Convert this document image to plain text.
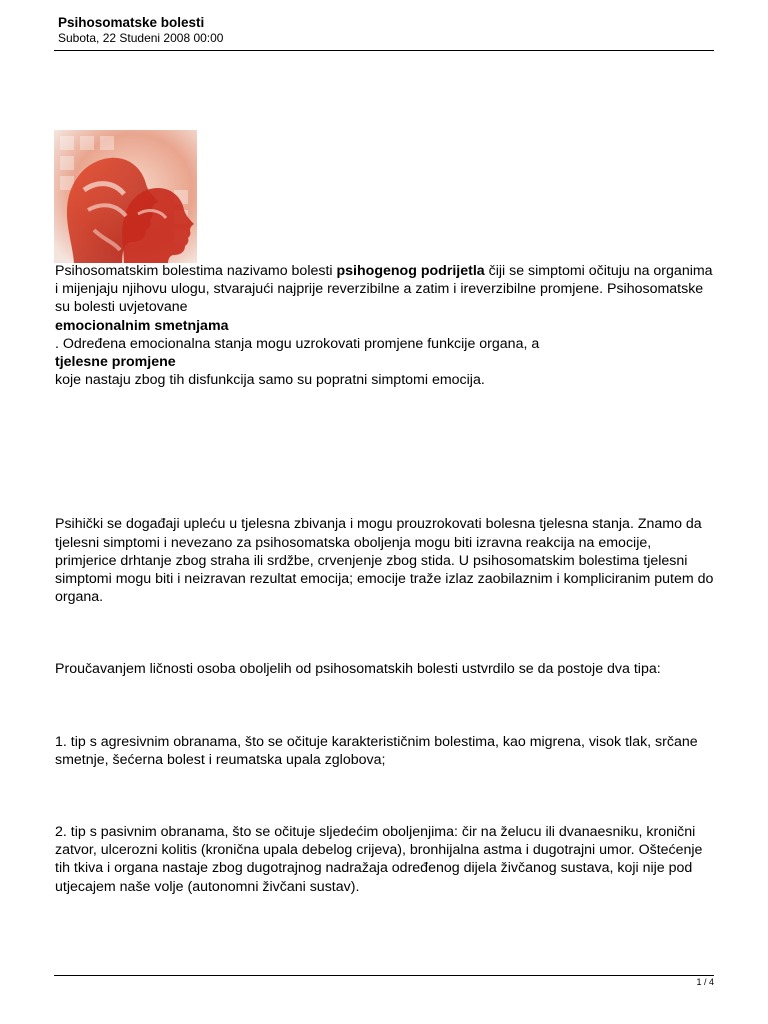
Psihosomatske bolesti
Subota, 22 Studeni 2008 00:00

Psihosomatskim bolestima nazivamo bolesti psihogenog podrijetla čiji se simptomi očituju na organima i mijenjaju njihovu ulogu, stvarajući najprije reverzibilne a zatim i ireverzibilne promjene. Psihosomatske su bolesti uvjetovane
emocionalnim smetnjama
. Određena emocionalna stanja mogu uzrokovati promjene funkcije organa, a
tjelesne promjene
koje nastaju zbog tih disfunkcija samo su popratni simptomi emocija.

Psihički se događaji upleću u tjelesna zbivanja i mogu prouzrokovati bolesna tjelesna stanja. Znamo da tjelesni simptomi i nevezano za psihosomatska oboljenja mogu biti izravna reakcija na emocije, primjerice drhtanje zbog straha ili srdžbe, crvenjenje zbog stida. U psihosomatskim bolestima tjelesni simptomi mogu biti i neizravan rezultat emocija; emocije traže izlaz zaobilaznim i kompliciranim putem do organa.

Proučavanjem ličnosti osoba oboljelih od psihosomatskih bolesti ustvrdilo se da postoje dva tipa:

1. tip s agresivnim obranama, što se očituje karakterističnim bolestima, kao migrena, visok tlak, srčane smetnje, šećerna bolest i reumatska upala zglobova;

2. tip s pasivnim obranama, što se očituje sljedećim oboljenjima: čir na želucu ili dvanaesniku, kronični zatvor, ulcerozni kolitis (kronična upala debelog crijeva), bronhijalna astma i dugotrajni umor. Oštećenje tih tkiva i organa nastaje zbog dugotrajnog nadražaja određenog dijela živčanog sustava, koji nije pod utjecajem naše volje (autonomni živčani sustav).

1 / 4
